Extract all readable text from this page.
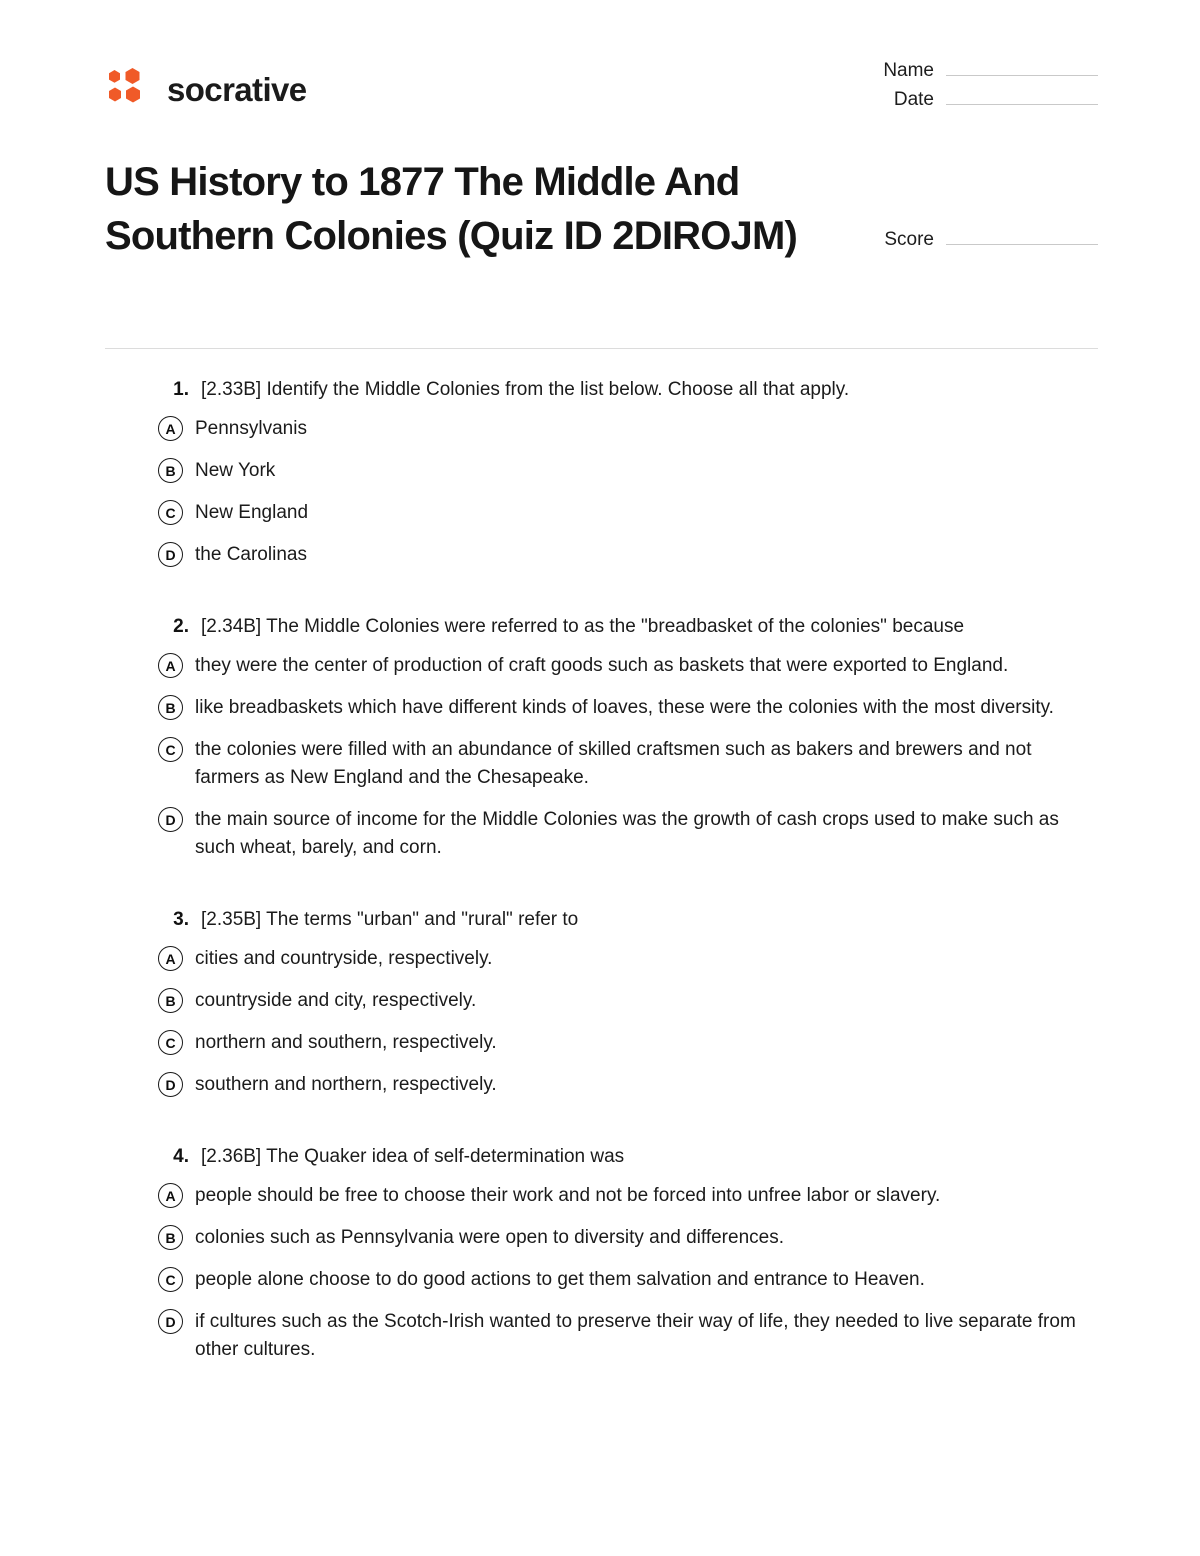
socrative	Name
Date
US History to 1877 The Middle And Southern Colonies (Quiz ID 2DIROJM)	Score
1. [2.33B] Identify the Middle Colonies from the list below. Choose all that apply.
A	Pennsylvanis
B	New York
C	New England
D	the Carolinas
2. [2.34B] The Middle Colonies were referred to as the "breadbasket of the colonies" because
A	they were the center of production of craft goods such as baskets that were exported to England.
B	like breadbaskets which have different kinds of loaves, these were the colonies with the most diversity.
C	the colonies were filled with an abundance of skilled craftsmen such as bakers and brewers and not farmers as New England and the Chesapeake.
D	the main source of income for the Middle Colonies was the growth of cash crops used to make such as such wheat, barely, and corn.
3. [2.35B] The terms "urban" and "rural" refer to
A	cities and countryside, respectively.
B	countryside and city, respectively.
C	northern and southern, respectively.
D	southern and northern, respectively.
4. [2.36B] The Quaker idea of self-determination was
A	people should be free to choose their work and not be forced into unfree labor or slavery.
B	colonies such as Pennsylvania were open to diversity and differences.
C	people alone choose to do good actions to get them salvation and entrance to Heaven.
D	if cultures such as the Scotch-Irish wanted to preserve their way of life, they needed to live separate from other cultures.
